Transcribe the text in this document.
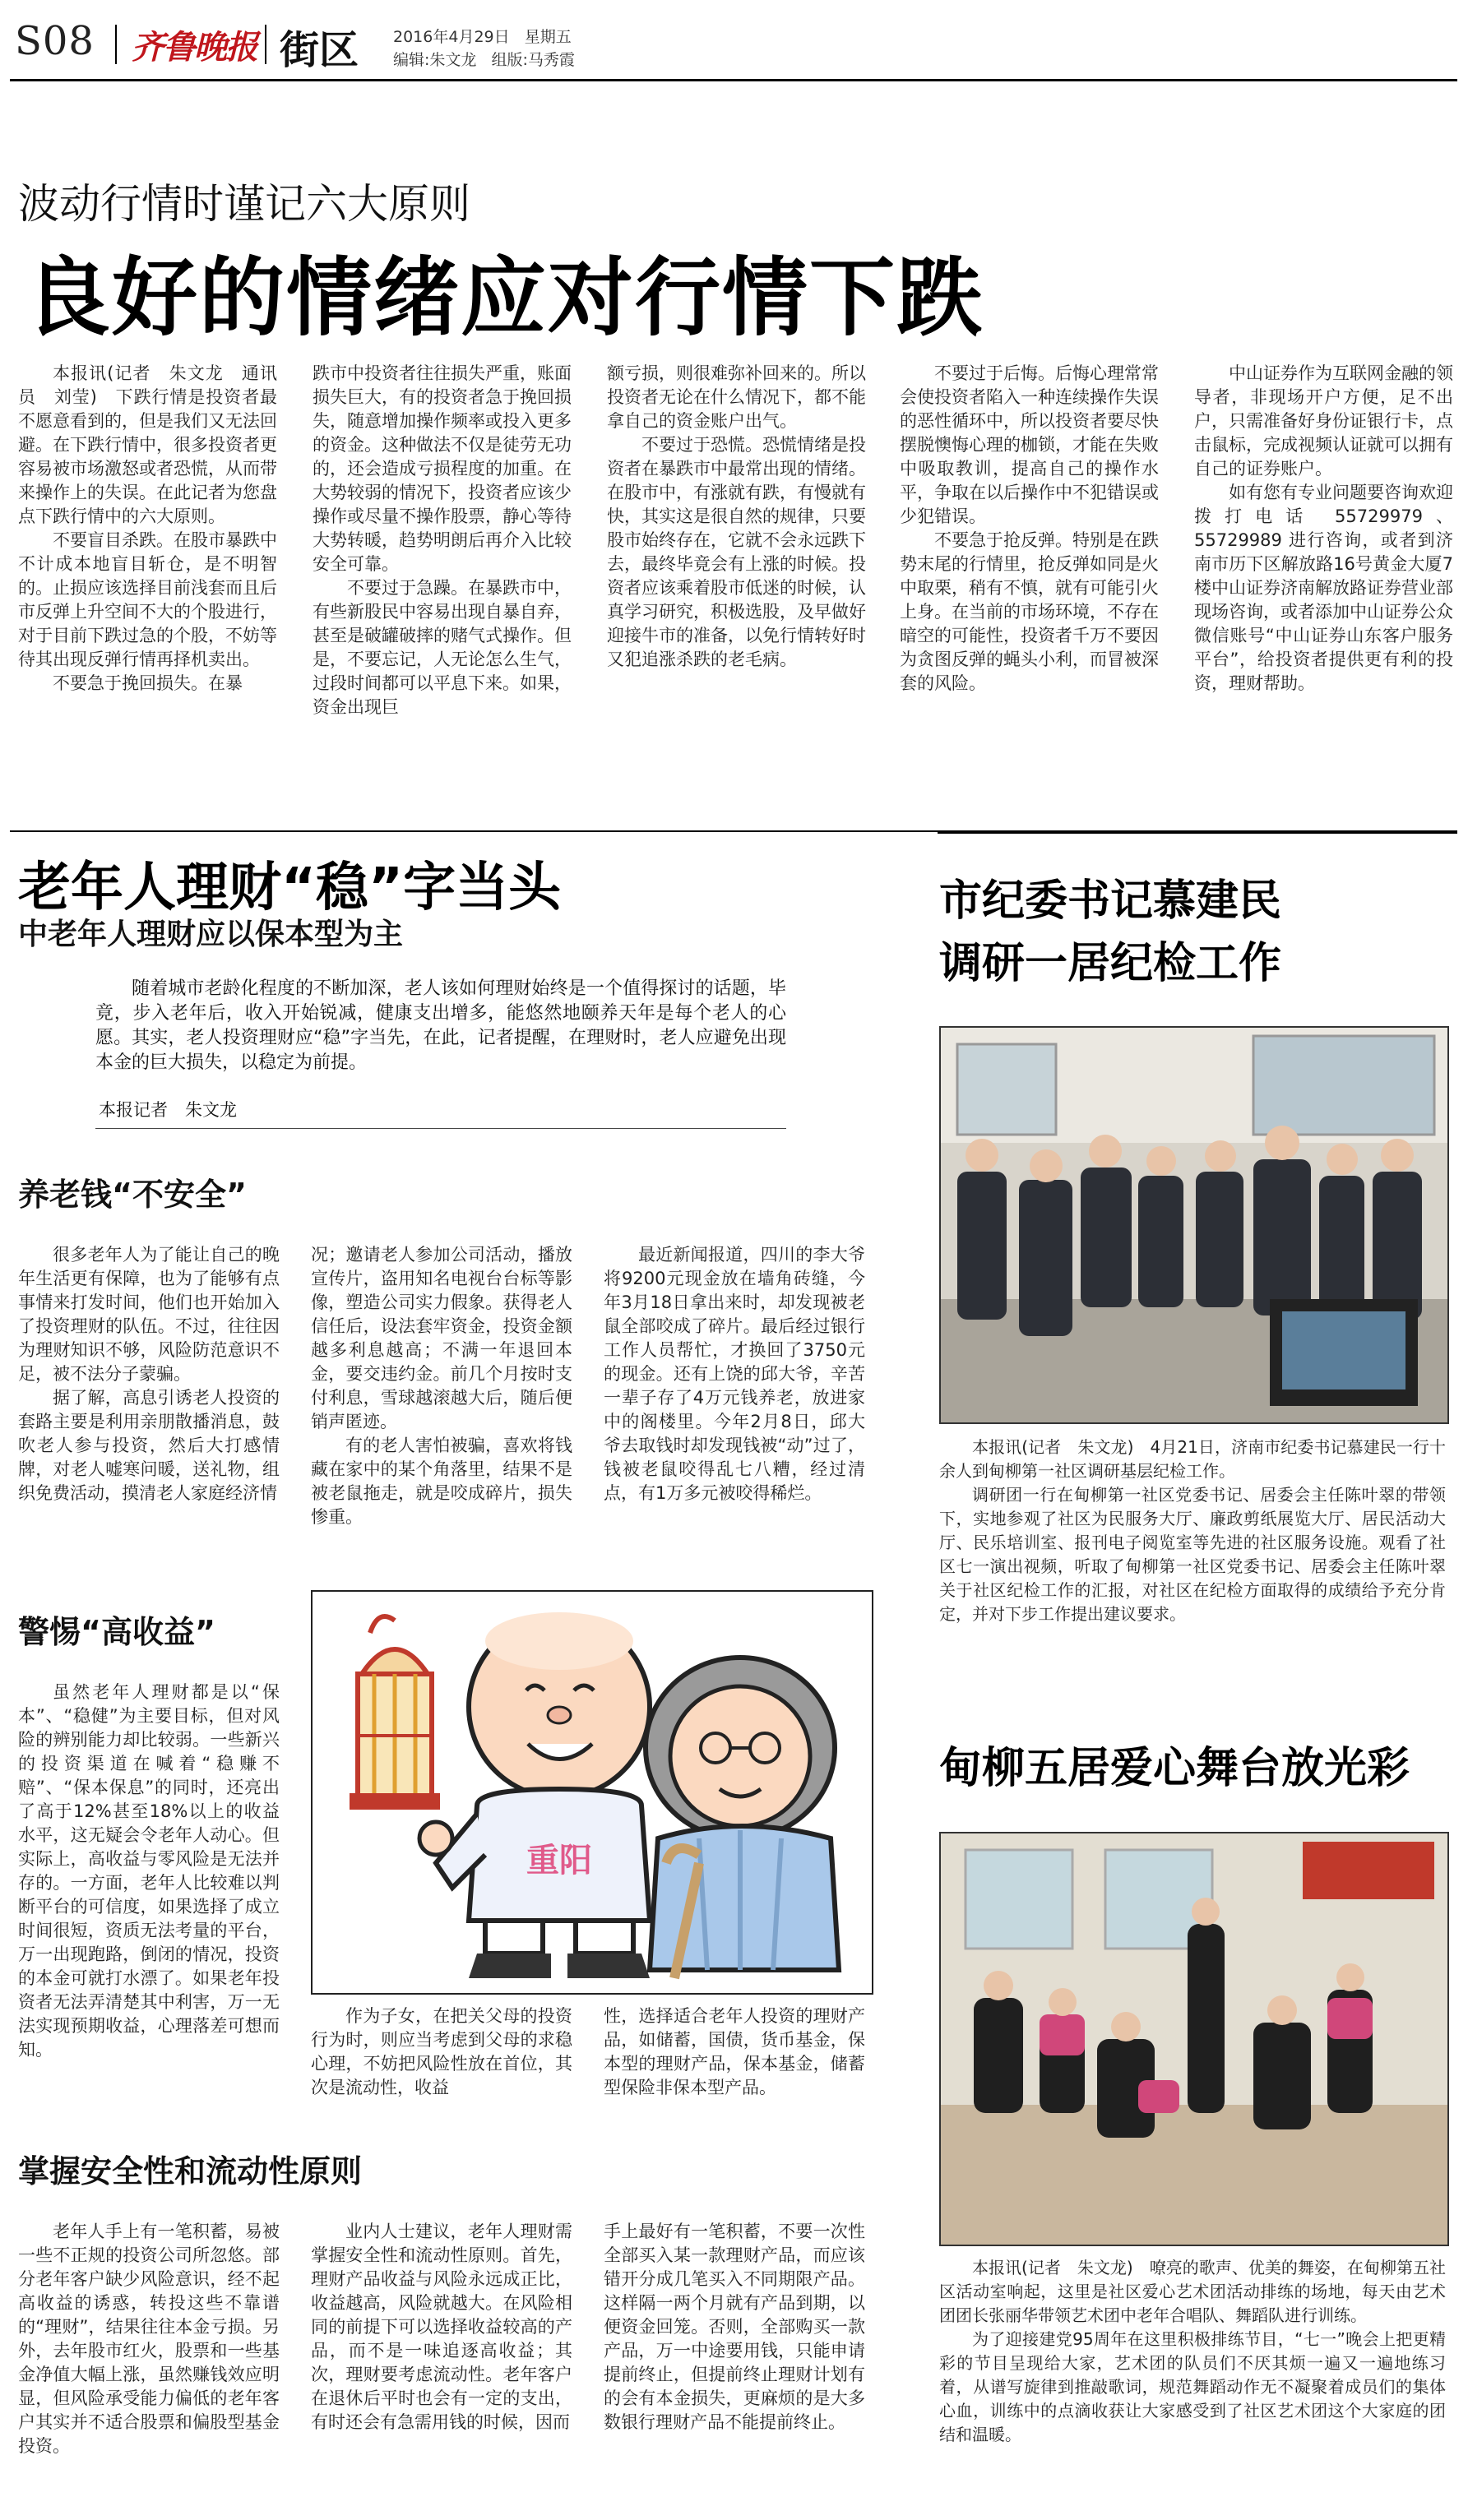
S08 齐鲁晚报 街区 2016年4月29日 星期五
编辑:朱文龙 组版:马秀霞
波动行情时谨记六大原则
良好的情绪应对行情下跌

本报讯(记者　朱文龙　通讯员　刘莹)　下跌行情是投资者最不愿意看到的，但是我们又无法回避。在下跌行情中，很多投资者更容易被市场激怒或者恐慌，从而带来操作上的失误。在此记者为您盘点下跌行情中的六大原则。

不要盲目杀跌。在股市暴跌中不计成本地盲目斩仓，是不明智的。止损应该选择目前浅套而且后市反弹上升空间不大的个股进行，对于目前下跌过急的个股，不妨等待其出现反弹行情再择机卖出。

不要急于挽回损失。在暴

跌市中投资者往往损失严重，账面损失巨大，有的投资者急于挽回损失，随意增加操作频率或投入更多的资金。这种做法不仅是徒劳无功的，还会造成亏损程度的加重。在大势较弱的情况下，投资者应该少操作或尽量不操作股票，静心等待大势转暖，趋势明朗后再介入比较安全可靠。

不要过于急躁。在暴跌市中，有些新股民中容易出现自暴自弃，甚至是破罐破摔的赌气式操作。但是，不要忘记，人无论怎么生气，过段时间都可以平息下来。如果，资金出现巨

额亏损，则很难弥补回来的。所以投资者无论在什么情况下，都不能拿自己的资金账户出气。

不要过于恐慌。恐慌情绪是投资者在暴跌市中最常出现的情绪。在股市中，有涨就有跌，有慢就有快，其实这是很自然的规律，只要股市始终存在，它就不会永远跌下去，最终毕竟会有上涨的时候。投资者应该乘着股市低迷的时候，认真学习研究，积极选股，及早做好迎接牛市的准备，以免行情转好时又犯追涨杀跌的老毛病。

不要过于后悔。后悔心理常常会使投资者陷入一种连续操作失误的恶性循环中，所以投资者要尽快摆脱懊悔心理的枷锁，才能在失败中吸取教训，提高自己的操作水平，争取在以后操作中不犯错误或少犯错误。

不要急于抢反弹。特别是在跌势末尾的行情里，抢反弹如同是火中取栗，稍有不慎，就有可能引火上身。在当前的市场环境，不存在暗空的可能性，投资者千万不要因为贪图反弹的蝇头小利，而冒被深套的风险。

中山证券作为互联网金融的领导者，非现场开户方便，足不出户，只需准备好身份证银行卡，点击鼠标，完成视频认证就可以拥有自己的证券账户。

如有您有专业问题要咨询欢迎拨打电话 55729979、55729989 进行咨询，或者到济南市历下区解放路16号黄金大厦7楼中山证券济南解放路证券营业部现场咨询，或者添加中山证券公众微信账号“中山证券山东客户服务平台”，给投资者提供更有利的投资，理财帮助。

老年人理财“稳”字当头
中老年人理财应以保本型为主
随着城市老龄化程度的不断加深，老人该如何理财始终是一个值得探讨的话题，毕竟，步入老年后，收入开始锐减，健康支出增多，能悠然地颐养天年是每个老人的心愿。其实，老人投资理财应“稳”字当先，在此，记者提醒，在理财时，老人应避免出现本金的巨大损失，以稳定为前提。
本报记者　朱文龙
养老钱“不安全”

很多老年人为了能让自己的晚年生活更有保障，也为了能够有点事情来打发时间，他们也开始加入了投资理财的队伍。不过，往往因为理财知识不够，风险防范意识不足，被不法分子蒙骗。

据了解，高息引诱老人投资的套路主要是利用亲朋散播消息，鼓吹老人参与投资，然后大打感情牌，对老人嘘寒问暖，送礼物，组织免费活动，摸清老人家庭经济情

况；邀请老人参加公司活动，播放宣传片，盗用知名电视台台标等影像，塑造公司实力假象。获得老人信任后，设法套牢资金，投资金额越多利息越高；不满一年退回本金，要交违约金。前几个月按时支付利息，雪球越滚越大后，随后便销声匿迹。

有的老人害怕被骗，喜欢将钱藏在家中的某个角落里，结果不是被老鼠拖走，就是咬成碎片，损失惨重。

最近新闻报道，四川的李大爷将9200元现金放在墙角砖缝，今年3月18日拿出来时，却发现被老鼠全部咬成了碎片。最后经过银行工作人员帮忙，才换回了3750元的现金。还有上饶的邱大爷，辛苦一辈子存了4万元钱养老，放进家中的阁楼里。今年2月8日，邱大爷去取钱时却发现钱被“动”过了，钱被老鼠咬得乱七八糟，经过清点，有1万多元被咬得稀烂。

警惕“高收益”

虽然老年人理财都是以“保本”、“稳健”为主要目标，但对风险的辨别能力却比较弱。一些新兴的投资渠道在喊着“稳赚不赔”、“保本保息”的同时，还亮出了高于12%甚至18%以上的收益水平，这无疑会令老年人动心。但实际上，高收益与零风险是无法并存的。一方面，老年人比较难以判断平台的可信度，如果选择了成立时间很短，资质无法考量的平台，万一出现跑路，倒闭的情况，投资的本金可就打水漂了。如果老年投资者无法弄清楚其中利害，万一无法实现预期收益，心理落差可想而知。

重阳

作为子女，在把关父母的投资行为时，则应当考虑到父母的求稳心理，不妨把风险性放在首位，其次是流动性，收益

性，选择适合老年人投资的理财产品，如储蓄，国债，货币基金，保本型的理财产品，保本基金，储蓄型保险非保本型产品。

掌握安全性和流动性原则

老年人手上有一笔积蓄，易被一些不正规的投资公司所忽悠。部分老年客户缺少风险意识，经不起高收益的诱惑，转投这些不靠谱的“理财”，结果往往本金亏损。另外，去年股市红火，股票和一些基金净值大幅上涨，虽然赚钱效应明显，但风险承受能力偏低的老年客户其实并不适合股票和偏股型基金投资。

业内人士建议，老年人理财需掌握安全性和流动性原则。首先，理财产品收益与风险永远成正比，收益越高，风险就越大。在风险相同的前提下可以选择收益较高的产品，而不是一味追逐高收益；其次，理财要考虑流动性。老年客户在退休后平时也会有一定的支出，有时还会有急需用钱的时候，因而

手上最好有一笔积蓄，不要一次性全部买入某一款理财产品，而应该错开分成几笔买入不同期限产品。这样隔一两个月就有产品到期，以便资金回笼。否则，全部购买一款产品，万一中途要用钱，只能申请提前终止，但提前终止理财计划有的会有本金损失，更麻烦的是大多数银行理财产品不能提前终止。

市纪委书记慕建民
调研一居纪检工作

本报讯(记者　朱文龙)　4月21日，济南市纪委书记慕建民一行十余人到甸柳第一社区调研基层纪检工作。

调研团一行在甸柳第一社区党委书记、居委会主任陈叶翠的带领下，实地参观了社区为民服务大厅、廉政剪纸展览大厅、居民活动大厅、民乐培训室、报刊电子阅览室等先进的社区服务设施。观看了社区七一演出视频，听取了甸柳第一社区党委书记、居委会主任陈叶翠关于社区纪检工作的汇报，对社区在纪检方面取得的成绩给予充分肯定，并对下步工作提出建议要求。

甸柳五居爱心舞台放光彩

本报讯(记者　朱文龙)　嘹亮的歌声、优美的舞姿，在甸柳第五社区活动室响起，这里是社区爱心艺术团活动排练的场地，每天由艺术团团长张丽华带领艺术团中老年合唱队、舞蹈队进行训练。

为了迎接建党95周年在这里积极排练节目，“七一”晚会上把更精彩的节目呈现给大家，艺术团的队员们不厌其烦一遍又一遍地练习着，从谱写旋律到推敲歌词，规范舞蹈动作无不凝聚着成员们的集体心血，训练中的点滴收获让大家感受到了社区艺术团这个大家庭的团结和温暖。
